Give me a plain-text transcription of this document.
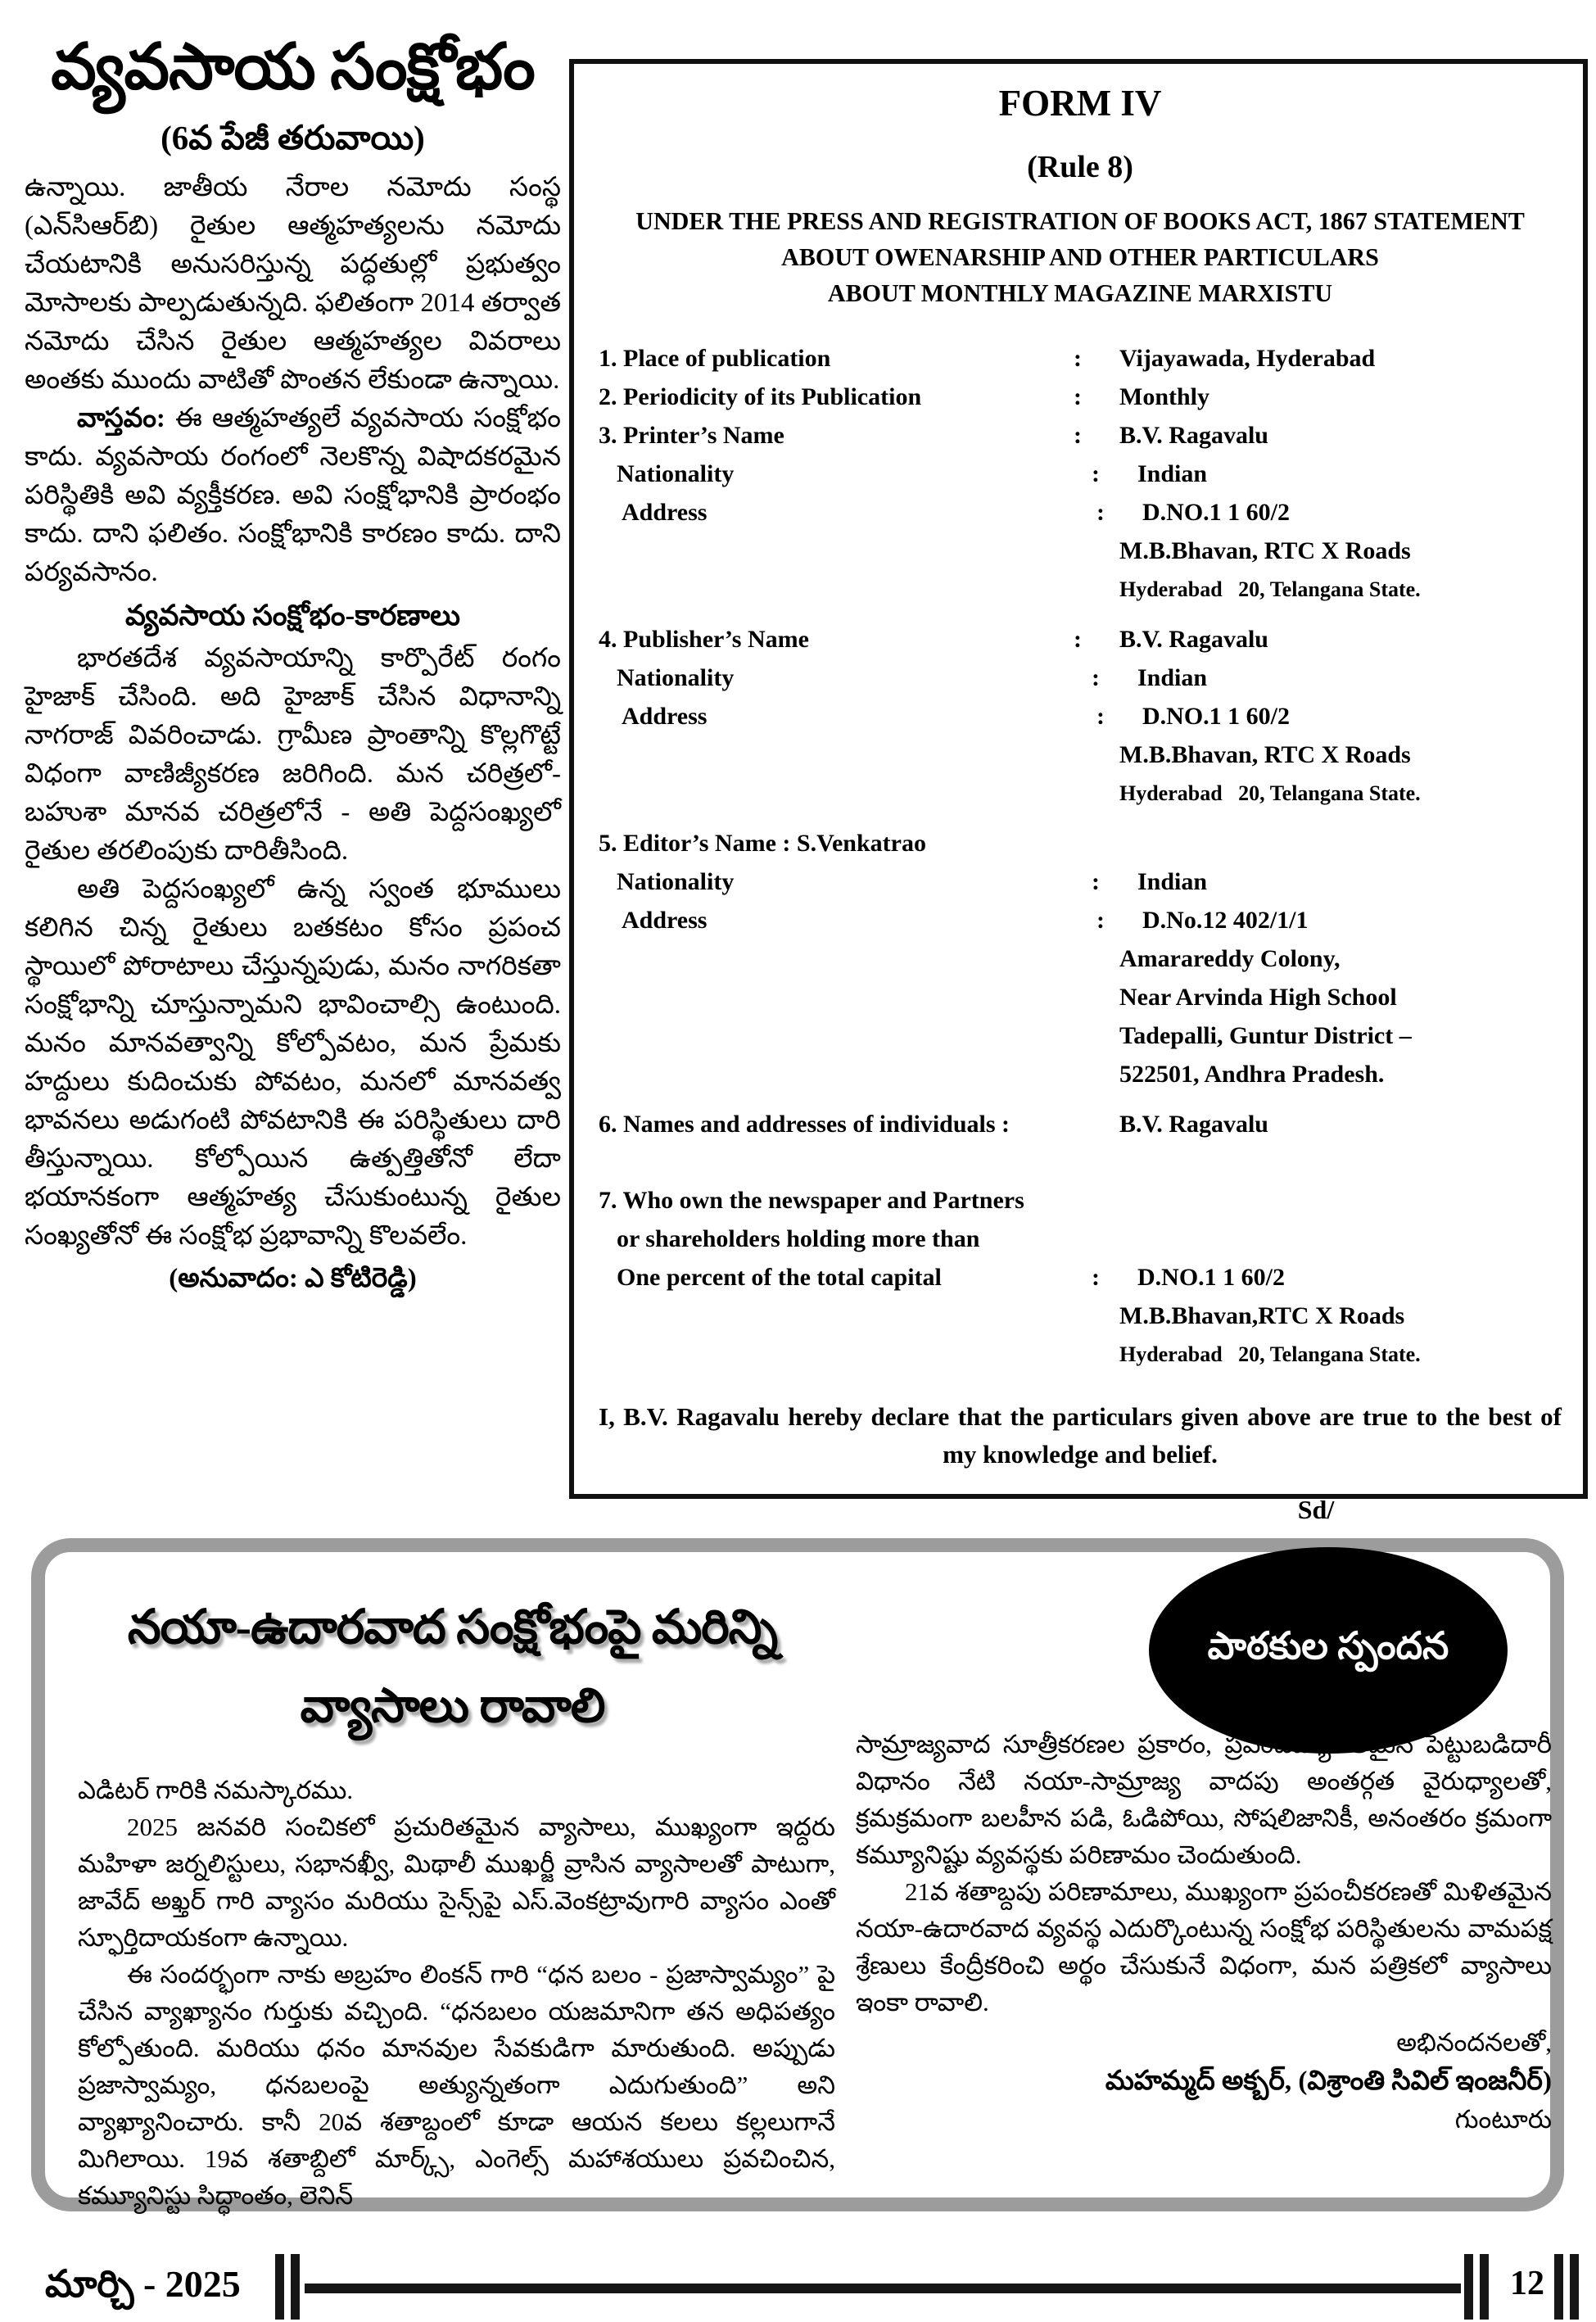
వ్యవసాయ సంక్షోభం
(6వ పేజీ తరువాయి)

ఉన్నాయి. జాతీయ నేరాల నమోదు సంస్థ (ఎన్‌సిఆర్‌బి) రైతుల ఆత్మహత్యలను నమోదు చేయటానికి అనుసరిస్తున్న పద్ధతుల్లో ప్రభుత్వం మోసాలకు పాల్పడుతున్నది. ఫలితంగా 2014 తర్వాత నమోదు చేసిన రైతుల ఆత్మహత్యల వివరాలు అంతకు ముందు వాటితో పొంతన లేకుండా ఉన్నాయి.

వాస్తవం: ఈ ఆత్మహత్యలే వ్యవసాయ సంక్షోభం కాదు. వ్యవసాయ రంగంలో నెలకొన్న విషాదకరమైన పరిస్థితికి అవి వ్యక్తీకరణ. అవి సంక్షోభానికి ప్రారంభం కాదు. దాని ఫలితం. సంక్షోభానికి కారణం కాదు. దాని పర్యవసానం.

వ్యవసాయ సంక్షోభం-కారణాలు

భారతదేశ వ్యవసాయాన్ని కార్పొరేట్ రంగం హైజాక్ చేసింది. అది హైజాక్ చేసిన విధానాన్ని నాగరాజ్ వివరించాడు. గ్రామీణ ప్రాంతాన్ని కొల్లగొట్టే విధంగా వాణిజ్యీకరణ జరిగింది. మన చరిత్రలో-బహుశా మానవ చరిత్రలోనే - అతి పెద్దసంఖ్యలో రైతుల తరలింపుకు దారితీసింది.

అతి పెద్దసంఖ్యలో ఉన్న స్వంత భూములు కలిగిన చిన్న రైతులు బతకటం కోసం ప్రపంచ స్థాయిలో పోరాటాలు చేస్తున్నపుడు, మనం నాగరికతా సంక్షోభాన్ని చూస్తున్నామని భావించాల్సి ఉంటుంది. మనం మానవత్వాన్ని కోల్పోవటం, మన ప్రేమకు హద్దులు కుదించుకు పోవటం, మనలో మానవత్వ భావనలు అడుగంటి పోవటానికి ఈ పరిస్థితులు దారి తీస్తున్నాయి. కోల్పోయిన ఉత్పత్తితోనో లేదా భయానకంగా ఆత్మహత్య చేసుకుంటున్న రైతుల సంఖ్యతోనో ఈ సంక్షోభ ప్రభావాన్ని కొలవలేం.

(అనువాదం: ఎ కోటిరెడ్డి)
FORM IV
(Rule 8)
UNDER THE PRESS AND REGISTRATION OF BOOKS ACT, 1867 STATEMENT
ABOUT OWENARSHIP AND OTHER PARTICULARS
ABOUT MONTHLY MAGAZINE MARXISTU
1. Place of publication	:	Vijayawada, Hyderabad
2. Periodicity of its Publication	:	Monthly
3. Printer’s Name	:	B.V. Ragavalu
Nationality	:	Indian
Address	:	D.NO.1 1 60/2
M.B.Bhavan, RTC X Roads
Hyderabad   20, Telangana State.
4. Publisher’s Name	:	B.V. Ragavalu
Nationality	:	Indian
Address	:	D.NO.1 1 60/2
M.B.Bhavan, RTC X Roads
Hyderabad   20, Telangana State.
5. Editor’s Name : S.Venkatrao
Nationality	:	Indian
Address	:	D.No.12 402/1/1
Amarareddy Colony,
Near Arvinda High School
Tadepalli, Guntur District –
522501, Andhra Pradesh.
6. Names and addresses of individuals :	B.V. Ragavalu
7. Who own the newspaper and Partners
or shareholders holding more than
One percent of the total capital	:	D.NO.1 1 60/2
M.B.Bhavan,RTC X Roads
Hyderabad   20, Telangana State.

I, B.V. Ragavalu hereby declare that the particulars given above are true to the best of my knowledge and belief.

Sd/
నయా-ఉదారవాద సంక్షోభంపై మరిన్ని
వ్యాసాలు రావాలి
పాఠకుల స్పందన

ఎడిటర్ గారికి నమస్కారము.

2025 జనవరి సంచికలో ప్రచురితమైన వ్యాసాలు, ముఖ్యంగా ఇద్దరు మహిళా జర్నలిస్టులు, సభానఖ్వీ, మిథాలీ ముఖర్జీ వ్రాసిన వ్యాసాలతో పాటుగా, జావేద్ అఖ్తర్ గారి వ్యాసం మరియు సైన్స్‌పై ఎస్.వెంకట్రావుగారి వ్యాసం ఎంతో స్ఫూర్తిదాయకంగా ఉన్నాయి.

ఈ సందర్భంగా నాకు అబ్రహం లింకన్ గారి “ధన బలం - ప్రజాస్వామ్యం” పై చేసిన వ్యాఖ్యానం గుర్తుకు వచ్చింది. “ధనబలం యజమానిగా తన అధిపత్యం కోల్పోతుంది. మరియు ధనం మానవుల సేవకుడిగా మారుతుంది. అప్పుడు ప్రజాస్వామ్యం, ధనబలంపై అత్యున్నతంగా ఎదుగుతుంది” అని వ్యాఖ్యానించారు. కానీ 20వ శతాబ్దంలో కూడా ఆయన కలలు కల్లలుగానే మిగిలాయి. 19వ శతాబ్దిలో మార్క్స్, ఎంగెల్స్ మహాశయులు ప్రవచించిన, కమ్యూనిస్టు సిద్ధాంతం, లెనిన్

సామ్రాజ్యవాద సూత్రీకరణల ప్రకారం, ప్రపంచవ్యాపితమైన పెట్టుబడిదారీ విధానం నేటి నయా-సామ్రాజ్య వాదపు అంతర్గత వైరుధ్యాలతో, క్రమక్రమంగా బలహీన పడి, ఓడిపోయి, సోషలిజానికీ, అనంతరం క్రమంగా కమ్యూనిష్టు వ్యవస్థకు పరిణామం చెందుతుంది.

21వ శతాబ్దపు పరిణామాలు, ముఖ్యంగా ప్రపంచీకరణతో మిళితమైన నయా-ఉదారవాద వ్యవస్థ ఎదుర్కొంటున్న సంక్షోభ పరిస్థితులను వామపక్ష శ్రేణులు కేంద్రీకరించి అర్థం చేసుకునే విధంగా, మన పత్రికలో వ్యాసాలు ఇంకా రావాలి.

అభినందనలతో,
మహమ్మద్ అక్బర్, (విశ్రాంతి సివిల్ ఇంజనీర్)
గుంటూరు
మార్చి - 2025	12
